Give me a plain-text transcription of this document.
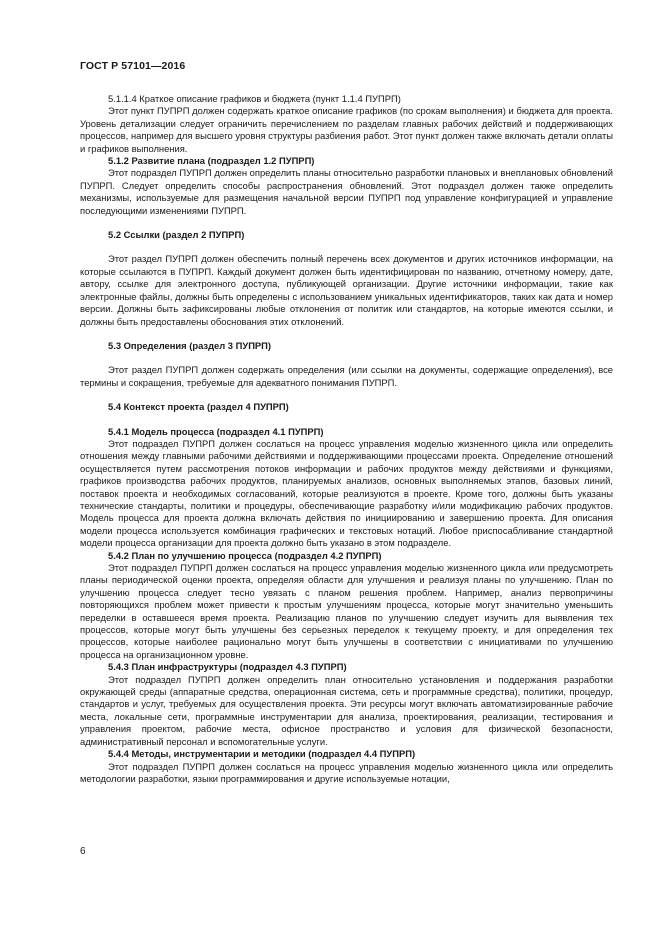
ГОСТ Р 57101—2016

5.1.1.4 Краткое описание графиков и бюджета (пункт 1.1.4 ПУПРП)

Этот пункт ПУПРП должен содержать краткое описание графиков (по срокам выполнения) и бюджета для проекта. Уровень детализации следует ограничить перечислением по разделам главных рабочих действий и поддерживающих процессов, например для высшего уровня структуры разбиения работ. Этот пункт должен также включать детали оплаты и графиков выполнения.

5.1.2 Развитие плана (подраздел 1.2 ПУПРП)

Этот подраздел ПУПРП должен определить планы относительно разработки плановых и внеплановых обновлений ПУПРП. Следует определить способы распространения обновлений. Этот подраздел должен также определить механизмы, используемые для размещения начальной версии ПУПРП под управление конфигурацией и управление последующими изменениями ПУПРП.

5.2 Ссылки (раздел 2 ПУПРП)

Этот раздел ПУПРП должен обеспечить полный перечень всех документов и других источников информации, на которые ссылаются в ПУПРП. Каждый документ должен быть идентифицирован по названию, отчетному номеру, дате, автору, ссылке для электронного доступа, публикующей организации. Другие источники информации, такие как электронные файлы, должны быть определены с использованием уникальных идентификаторов, таких как дата и номер версии. Должны быть зафиксированы любые отклонения от политик или стандартов, на которые имеются ссылки, и должны быть предоставлены обоснования этих отклонений.

5.3 Определения (раздел 3 ПУПРП)

Этот раздел ПУПРП должен содержать определения (или ссылки на документы, содержащие определения), все термины и сокращения, требуемые для адекватного понимания ПУПРП.

5.4 Контекст проекта (раздел 4 ПУПРП)

5.4.1 Модель процесса (подраздел 4.1 ПУПРП)

Этот подраздел ПУПРП должен сослаться на процесс управления моделью жизненного цикла или определить отношения между главными рабочими действиями и поддерживающими процессами проекта. Определение отношений осуществляется путем рассмотрения потоков информации и рабочих продуктов между действиями и функциями, графиков производства рабочих продуктов, планируемых анализов, основных выполняемых этапов, базовых линий, поставок проекта и необходимых согласований, которые реализуются в проекте. Кроме того, должны быть указаны технические стандарты, политики и процедуры, обеспечивающие разработку и/или модификацию рабочих продуктов. Модель процесса для проекта должна включать действия по инициированию и завершению проекта. Для описания модели процесса используется комбинация графических и текстовых нотаций. Любое приспосабливание стандартной модели процесса организации для проекта должно быть указано в этом подразделе.

5.4.2 План по улучшению процесса (подраздел 4.2 ПУПРП)

Этот подраздел ПУПРП должен сослаться на процесс управления моделью жизненного цикла или предусмотреть планы периодической оценки проекта, определяя области для улучшения и реализуя планы по улучшению. План по улучшению процесса следует тесно увязать с планом решения проблем. Например, анализ первопричины повторяющихся проблем может привести к простым улучшениям процесса, которые могут значительно уменьшить переделки в оставшееся время проекта. Реализацию планов по улучшению следует изучить для выявления тех процессов, которые могут быть улучшены без серьезных переделок к текущему проекту, и для определения тех процессов, которые наиболее рационально могут быть улучшены в соответствии с инициативами по улучшению процесса на организационном уровне.

5.4.3 План инфраструктуры (подраздел 4.3 ПУПРП)

Этот подраздел ПУПРП должен определить план относительно установления и поддержания разработки окружающей среды (аппаратные средства, операционная система, сеть и программные средства), политики, процедур, стандартов и услуг, требуемых для осуществления проекта. Эти ресурсы могут включать автоматизированные рабочие места, локальные сети, программные инструментарии для анализа, проектирования, реализации, тестирования и управления проектом, рабочие места, офисное пространство и условия для физической безопасности, административный персонал и вспомогательные услуги.

5.4.4 Методы, инструментарии и методики (подраздел 4.4 ПУПРП)

Этот подраздел ПУПРП должен сослаться на процесс управления моделью жизненного цикла или определить методологии разработки, языки программирования и другие используемые нотации,

6
